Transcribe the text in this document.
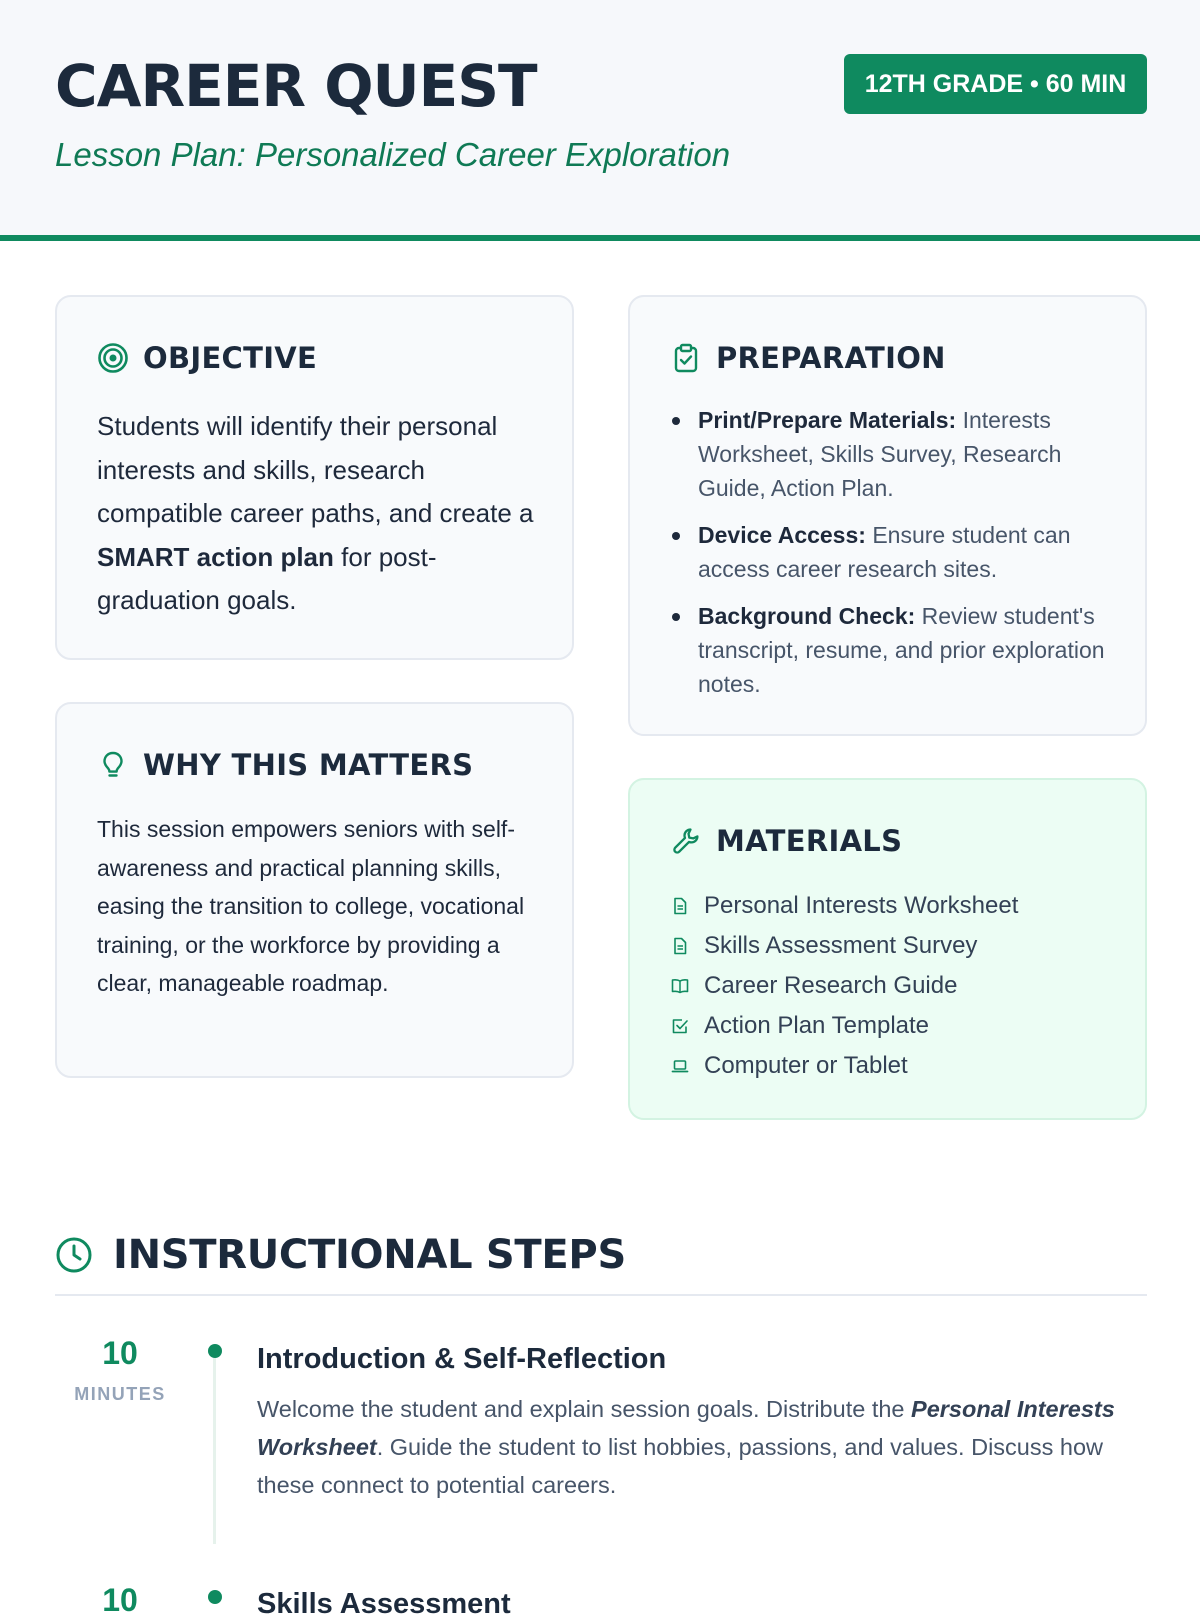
CAREER QUEST
Lesson Plan: Personalized Career Exploration
12TH GRADE • 60 MIN
OBJECTIVE
Students will identify their personal interests and skills, research compatible career paths, and create a SMART action plan for post-graduation goals.
WHY THIS MATTERS
This session empowers seniors with self-awareness and practical planning skills, easing the transition to college, vocational training, or the workforce by providing a clear, manageable roadmap.
PREPARATION
Print/Prepare Materials: Interests Worksheet, Skills Survey, Research Guide, Action Plan.
Device Access: Ensure student can access career research sites.
Background Check: Review student's transcript, resume, and prior exploration notes.
MATERIALS
Personal Interests Worksheet
Skills Assessment Survey
Career Research Guide
Action Plan Template
Computer or Tablet
INSTRUCTIONAL STEPS
10
MINUTES
Introduction & Self-Reflection
Welcome the student and explain session goals. Distribute the Personal Interests Worksheet. Guide the student to list hobbies, passions, and values. Discuss how these connect to potential careers.
10	Skills Assessment
